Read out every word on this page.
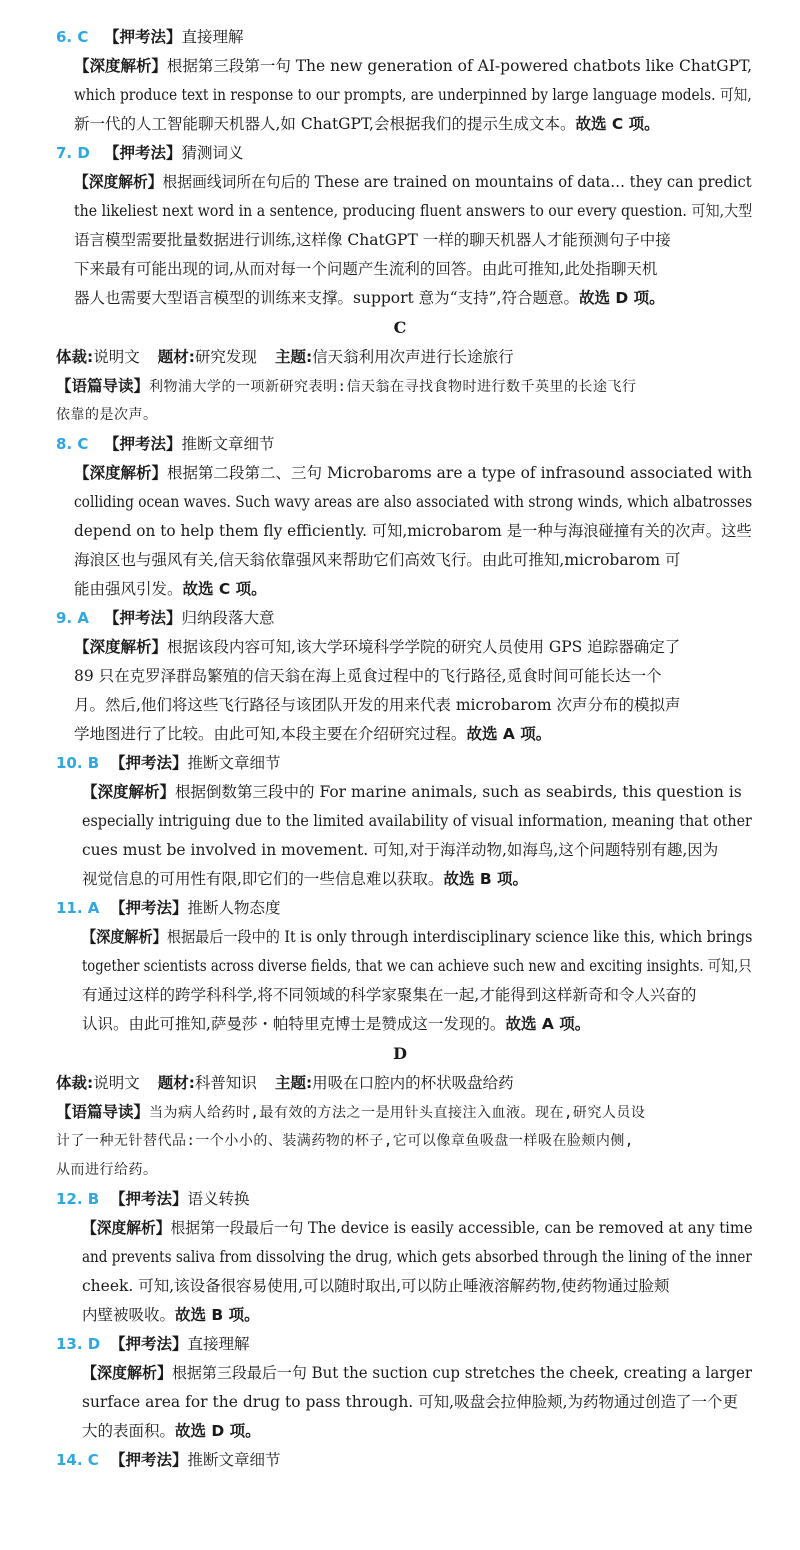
6. C 【押考法】直接理解
【深度解析】根据第三段第一句 The new generation of AI-powered chatbots like ChatGPT,
which produce text in response to our prompts, are underpinned by large language models. 可知,
新一代的人工智能聊天机器人,如 ChatGPT,会根据我们的提示生成文本。故选 C 项。
7. D 【押考法】猜测词义
【深度解析】根据画线词所在句后的 These are trained on mountains of data… they can predict
the likeliest next word in a sentence, producing fluent answers to our every question. 可知,大型
语言模型需要批量数据进行训练,这样像 ChatGPT 一样的聊天机器人才能预测句子中接
下来最有可能出现的词,从而对每一个问题产生流利的回答。由此可推知,此处指聊天机
器人也需要大型语言模型的训练来支撑。support 意为“支持”,符合题意。故选 D 项。
C
体裁:说明文 题材:研究发现 主题:信天翁利用次声进行长途旅行
【语篇导读】利物浦大学的一项新研究表明:信天翁在寻找食物时进行数千英里的长途飞行
依靠的是次声。
8. C 【押考法】推断文章细节
【深度解析】根据第二段第二、三句 Microbaroms are a type of infrasound associated with
colliding ocean waves. Such wavy areas are also associated with strong winds, which albatrosses
depend on to help them fly efficiently. 可知,microbarom 是一种与海浪碰撞有关的次声。这些
海浪区也与强风有关,信天翁依靠强风来帮助它们高效飞行。由此可推知,microbarom 可
能由强风引发。故选 C 项。
9. A 【押考法】归纳段落大意
【深度解析】根据该段内容可知,该大学环境科学学院的研究人员使用 GPS 追踪器确定了
89 只在克罗泽群岛繁殖的信天翁在海上觅食过程中的飞行路径,觅食时间可能长达一个
月。然后,他们将这些飞行路径与该团队开发的用来代表 microbarom 次声分布的模拟声
学地图进行了比较。由此可知,本段主要在介绍研究过程。故选 A 项。
10. B 【押考法】推断文章细节
【深度解析】根据倒数第三段中的 For marine animals, such as seabirds, this question is
especially intriguing due to the limited availability of visual information, meaning that other
cues must be involved in movement. 可知,对于海洋动物,如海鸟,这个问题特别有趣,因为
视觉信息的可用性有限,即它们的一些信息难以获取。故选 B 项。
11. A 【押考法】推断人物态度
【深度解析】根据最后一段中的 It is only through interdisciplinary science like this, which brings
together scientists across diverse fields, that we can achieve such new and exciting insights. 可知,只
有通过这样的跨学科科学,将不同领域的科学家聚集在一起,才能得到这样新奇和令人兴奋的
认识。由此可推知,萨曼莎・帕特里克博士是赞成这一发现的。故选 A 项。
D
体裁:说明文 题材:科普知识 主题:用吸在口腔内的杯状吸盘给药
【语篇导读】当为病人给药时,最有效的方法之一是用针头直接注入血液。现在,研究人员设
计了一种无针替代品:一个小小的、装满药物的杯子,它可以像章鱼吸盘一样吸在脸颊内侧,
从而进行给药。
12. B 【押考法】语义转换
【深度解析】根据第一段最后一句 The device is easily accessible, can be removed at any time
and prevents saliva from dissolving the drug, which gets absorbed through the lining of the inner
cheek. 可知,该设备很容易使用,可以随时取出,可以防止唾液溶解药物,使药物通过脸颊
内壁被吸收。故选 B 项。
13. D 【押考法】直接理解
【深度解析】根据第三段最后一句 But the suction cup stretches the cheek, creating a larger
surface area for the drug to pass through. 可知,吸盘会拉伸脸颊,为药物通过创造了一个更
大的表面积。故选 D 项。
14. C 【押考法】推断文章细节
